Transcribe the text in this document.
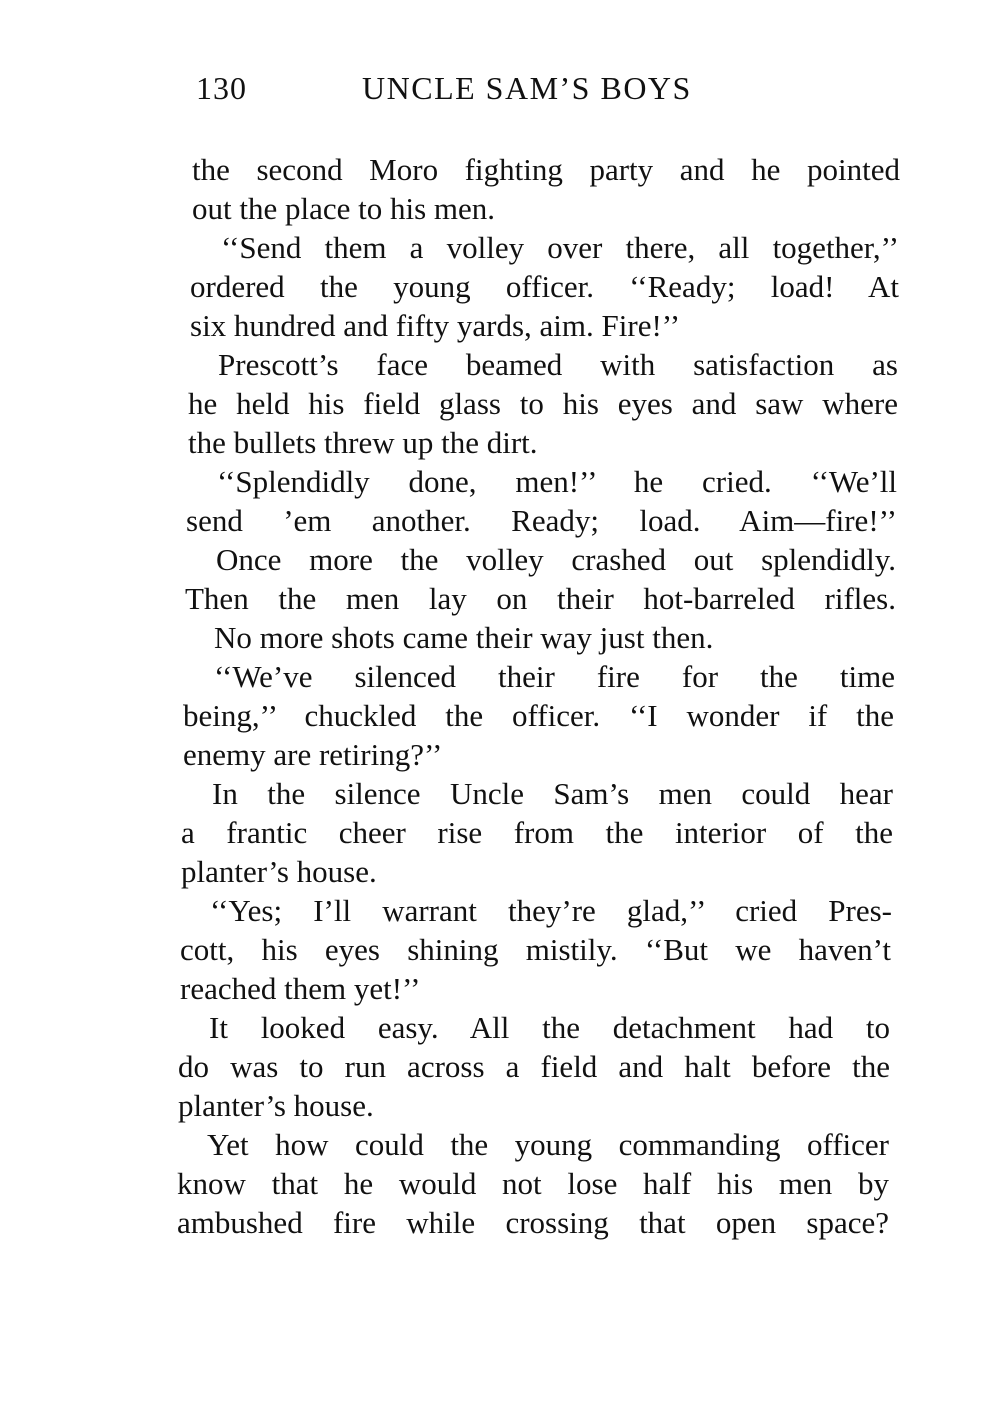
130	UNCLE SAM’S BOYS
the second Moro fighting party and he pointed
out the place to his men.
‘‘Send them a volley over there, all together,’’
ordered the young officer. ‘‘Ready; load! At
six hundred and fifty yards, aim. Fire!’’
Prescott’s face beamed with satisfaction as
he held his field glass to his eyes and saw where
the bullets threw up the dirt.
‘‘Splendidly done, men!’’ he cried. ‘‘We’ll
send ’em another. Ready; load. Aim—fire!’’
Once more the volley crashed out splendidly.
Then the men lay on their hot-barreled rifles.
No more shots came their way just then.
‘‘We’ve silenced their fire for the time
being,’’ chuckled the officer. ‘‘I wonder if the
enemy are retiring?’’
In the silence Uncle Sam’s men could hear
a frantic cheer rise from the interior of the
planter’s house.
‘‘Yes; I’ll warrant they’re glad,’’ cried Pres-
cott, his eyes shining mistily. ‘‘But we haven’t
reached them yet!’’
It looked easy. All the detachment had to
do was to run across a field and halt before the
planter’s house.
Yet how could the young commanding officer
know that he would not lose half his men by
ambushed fire while crossing that open space?
